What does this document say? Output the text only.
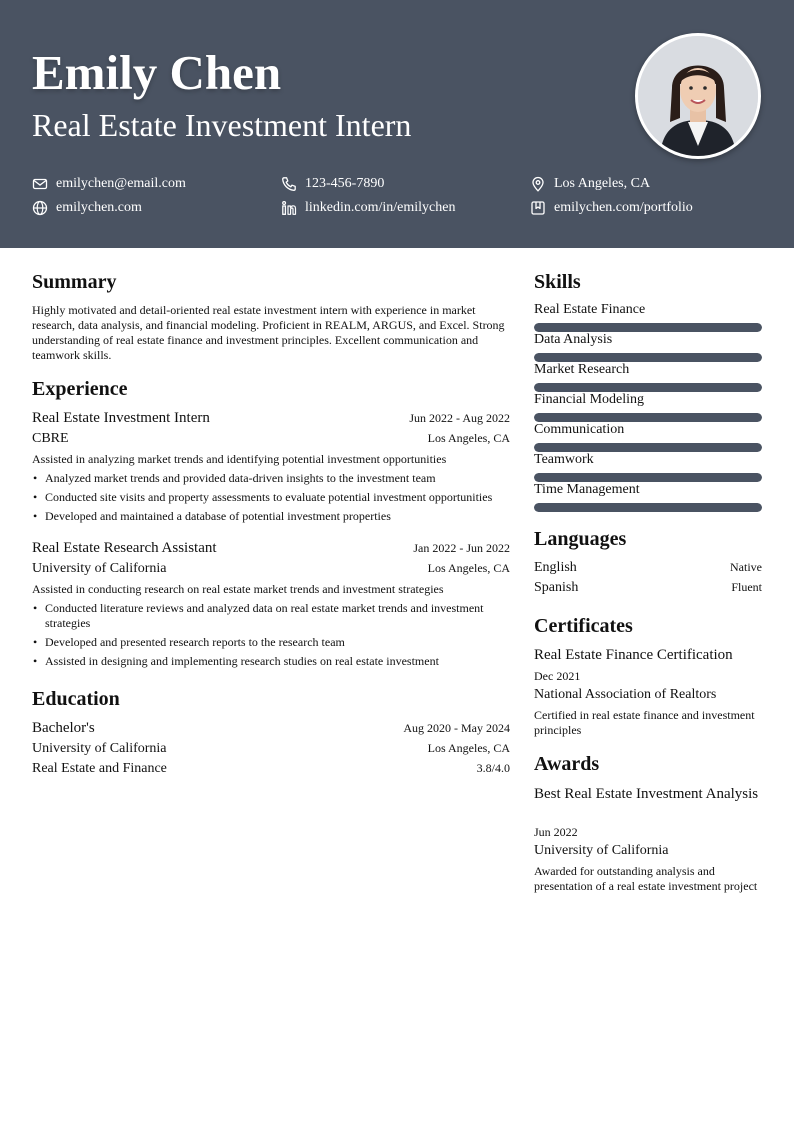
Emily Chen
Real Estate Investment Intern
emilychen@email.com	123-456-7890	Los Angeles, CA
emilychen.com	linkedin.com/in/emilychen	emilychen.com/portfolio
Summary

Highly motivated and detail-oriented real estate investment intern with experience in market research, data analysis, and financial modeling. Proficient in REALM, ARGUS, and Excel. Strong understanding of real estate finance and investment principles. Excellent communication and teamwork skills.

Experience
Real Estate Investment Intern	Jun 2022 - Aug 2022
CBRE	Los Angeles, CA

Assisted in analyzing market trends and identifying potential investment opportunities

• Analyzed market trends and provided data-driven insights to the investment team
• Conducted site visits and property assessments to evaluate potential investment opportunities
• Developed and maintained a database of potential investment properties
Real Estate Research Assistant	Jan 2022 - Jun 2022
University of California	Los Angeles, CA

Assisted in conducting research on real estate market trends and investment strategies

• Conducted literature reviews and analyzed data on real estate market trends and investment strategies
• Developed and presented research reports to the research team
• Assisted in designing and implementing research studies on real estate investment
Education
Bachelor's	Aug 2020 - May 2024
University of California	Los Angeles, CA
Real Estate and Finance	3.8/4.0
Skills
Real Estate Finance
Data Analysis
Market Research
Financial Modeling
Communication
Teamwork
Time Management
Languages
English	Native
Spanish	Fluent
Certificates

Real Estate Finance Certification

Dec 2021

National Association of Realtors

Certified in real estate finance and investment principles

Awards

Best Real Estate Investment Analysis

Jun 2022

University of California

Awarded for outstanding analysis and presentation of a real estate investment project
